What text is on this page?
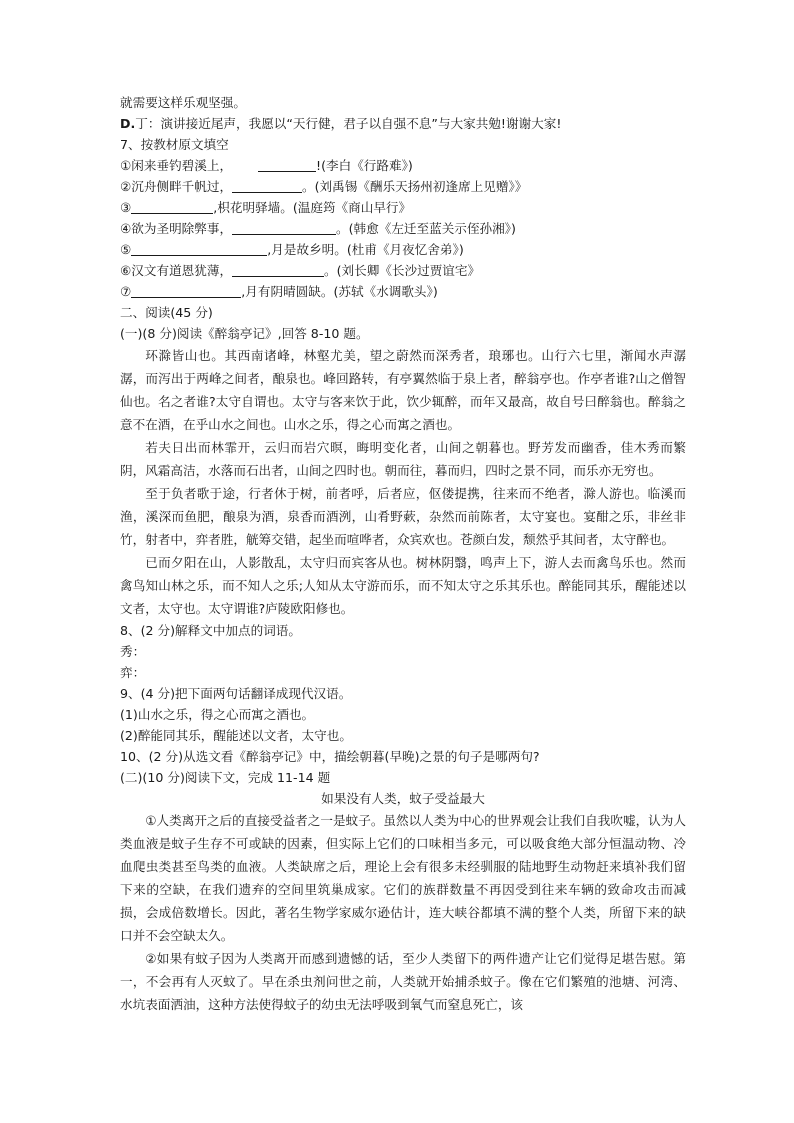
就需要这样乐观坚强。
D.丁：演讲接近尾声，我愿以“天行健，君子以自强不息”与大家共勉!谢谢大家!
7、按教材原文填空
①闲来垂钓碧溪上，	!(李白《行路难》)
②沉舟侧畔千帆过，	。(刘禹锡《酬乐天扬州初逢席上见赠》》
③	,枳花明驿墙。(温庭筠《商山早行》
④欲为圣明除弊事，	。(韩愈《左迁至蓝关示侄孙湘》)
⑤	,月是故乡明。(杜甫《月夜忆舍弟》)
⑥汉文有道恩犹薄，	。(刘长卿《长沙过贾谊宅》
⑦	,月有阴晴圆缺。(苏轼《水调歌头》)
二、阅读(45 分)
(一)(8 分)阅读《醉翁亭记》,回答 8-10 题。

环滁皆山也。其西南诸峰，林壑尤美，望之蔚然而深秀者，琅琊也。山行六七里，渐闻水声潺潺，而泻出于两峰之间者，酿泉也。峰回路转，有亭翼然临于泉上者，醉翁亭也。作亭者谁?山之僧智仙也。名之者谁?太守自谓也。太守与客来饮于此，饮少辄醉，而年又最高，故自号曰醉翁也。醉翁之意不在酒，在乎山水之间也。山水之乐，得之心而寓之酒也。

若夫日出而林霏开，云归而岩穴暝，晦明变化者，山间之朝暮也。野芳发而幽香，佳木秀而繁阴，风霜高洁，水落而石出者，山间之四时也。朝而往，暮而归，四时之景不同，而乐亦无穷也。

至于负者歌于途，行者休于树，前者呼，后者应，伛偻提携，往来而不绝者，滁人游也。临溪而渔，溪深而鱼肥，酿泉为酒，泉香而酒洌，山肴野蔌，杂然而前陈者，太守宴也。宴酣之乐，非丝非竹，射者中，弈者胜，觥筹交错，起坐而喧哗者，众宾欢也。苍颜白发，颓然乎其间者，太守醉也。

已而夕阳在山，人影散乱，太守归而宾客从也。树林阴翳，鸣声上下，游人去而禽鸟乐也。然而禽鸟知山林之乐，而不知人之乐;人知从太守游而乐，而不知太守之乐其乐也。醉能同其乐，醒能述以文者，太守也。太守谓谁?庐陵欧阳修也。

8、(2 分)解释文中加点的词语。
秀：
弈：
9、(4 分)把下面两句话翻译成现代汉语。
(1)山水之乐，得之心而寓之酒也。
(2)醉能同其乐，醒能述以文者，太守也。
10、(2 分)从选文看《醉翁亭记》中，描绘朝暮(早晚)之景的句子是哪两句?
(二)(10 分)阅读下文，完成 11-14 题
如果没有人类，蚊子受益最大

①人类离开之后的直接受益者之一是蚊子。虽然以人类为中心的世界观会让我们自我吹嘘，认为人类血液是蚊子生存不可或缺的因素，但实际上它们的口味相当多元，可以吸食绝大部分恒温动物、冷血爬虫类甚至鸟类的血液。人类缺席之后，理论上会有很多未经驯服的陆地野生动物赶来填补我们留下来的空缺，在我们遗弃的空间里筑巢成家。它们的族群数量不再因受到往来车辆的致命攻击而减损，会成倍数增长。因此，著名生物学家威尔逊估计，连大峡谷都填不满的整个人类，所留下来的缺口并不会空缺太久。

②如果有蚊子因为人类离开而感到遗憾的话，至少人类留下的两件遗产让它们觉得足堪告慰。第一，不会再有人灭蚊了。早在杀虫剂问世之前，人类就开始捕杀蚊子。像在它们繁殖的池塘、河湾、水坑表面洒油，这种方法使得蚊子的幼虫无法呼吸到氧气而窒息死亡，该
